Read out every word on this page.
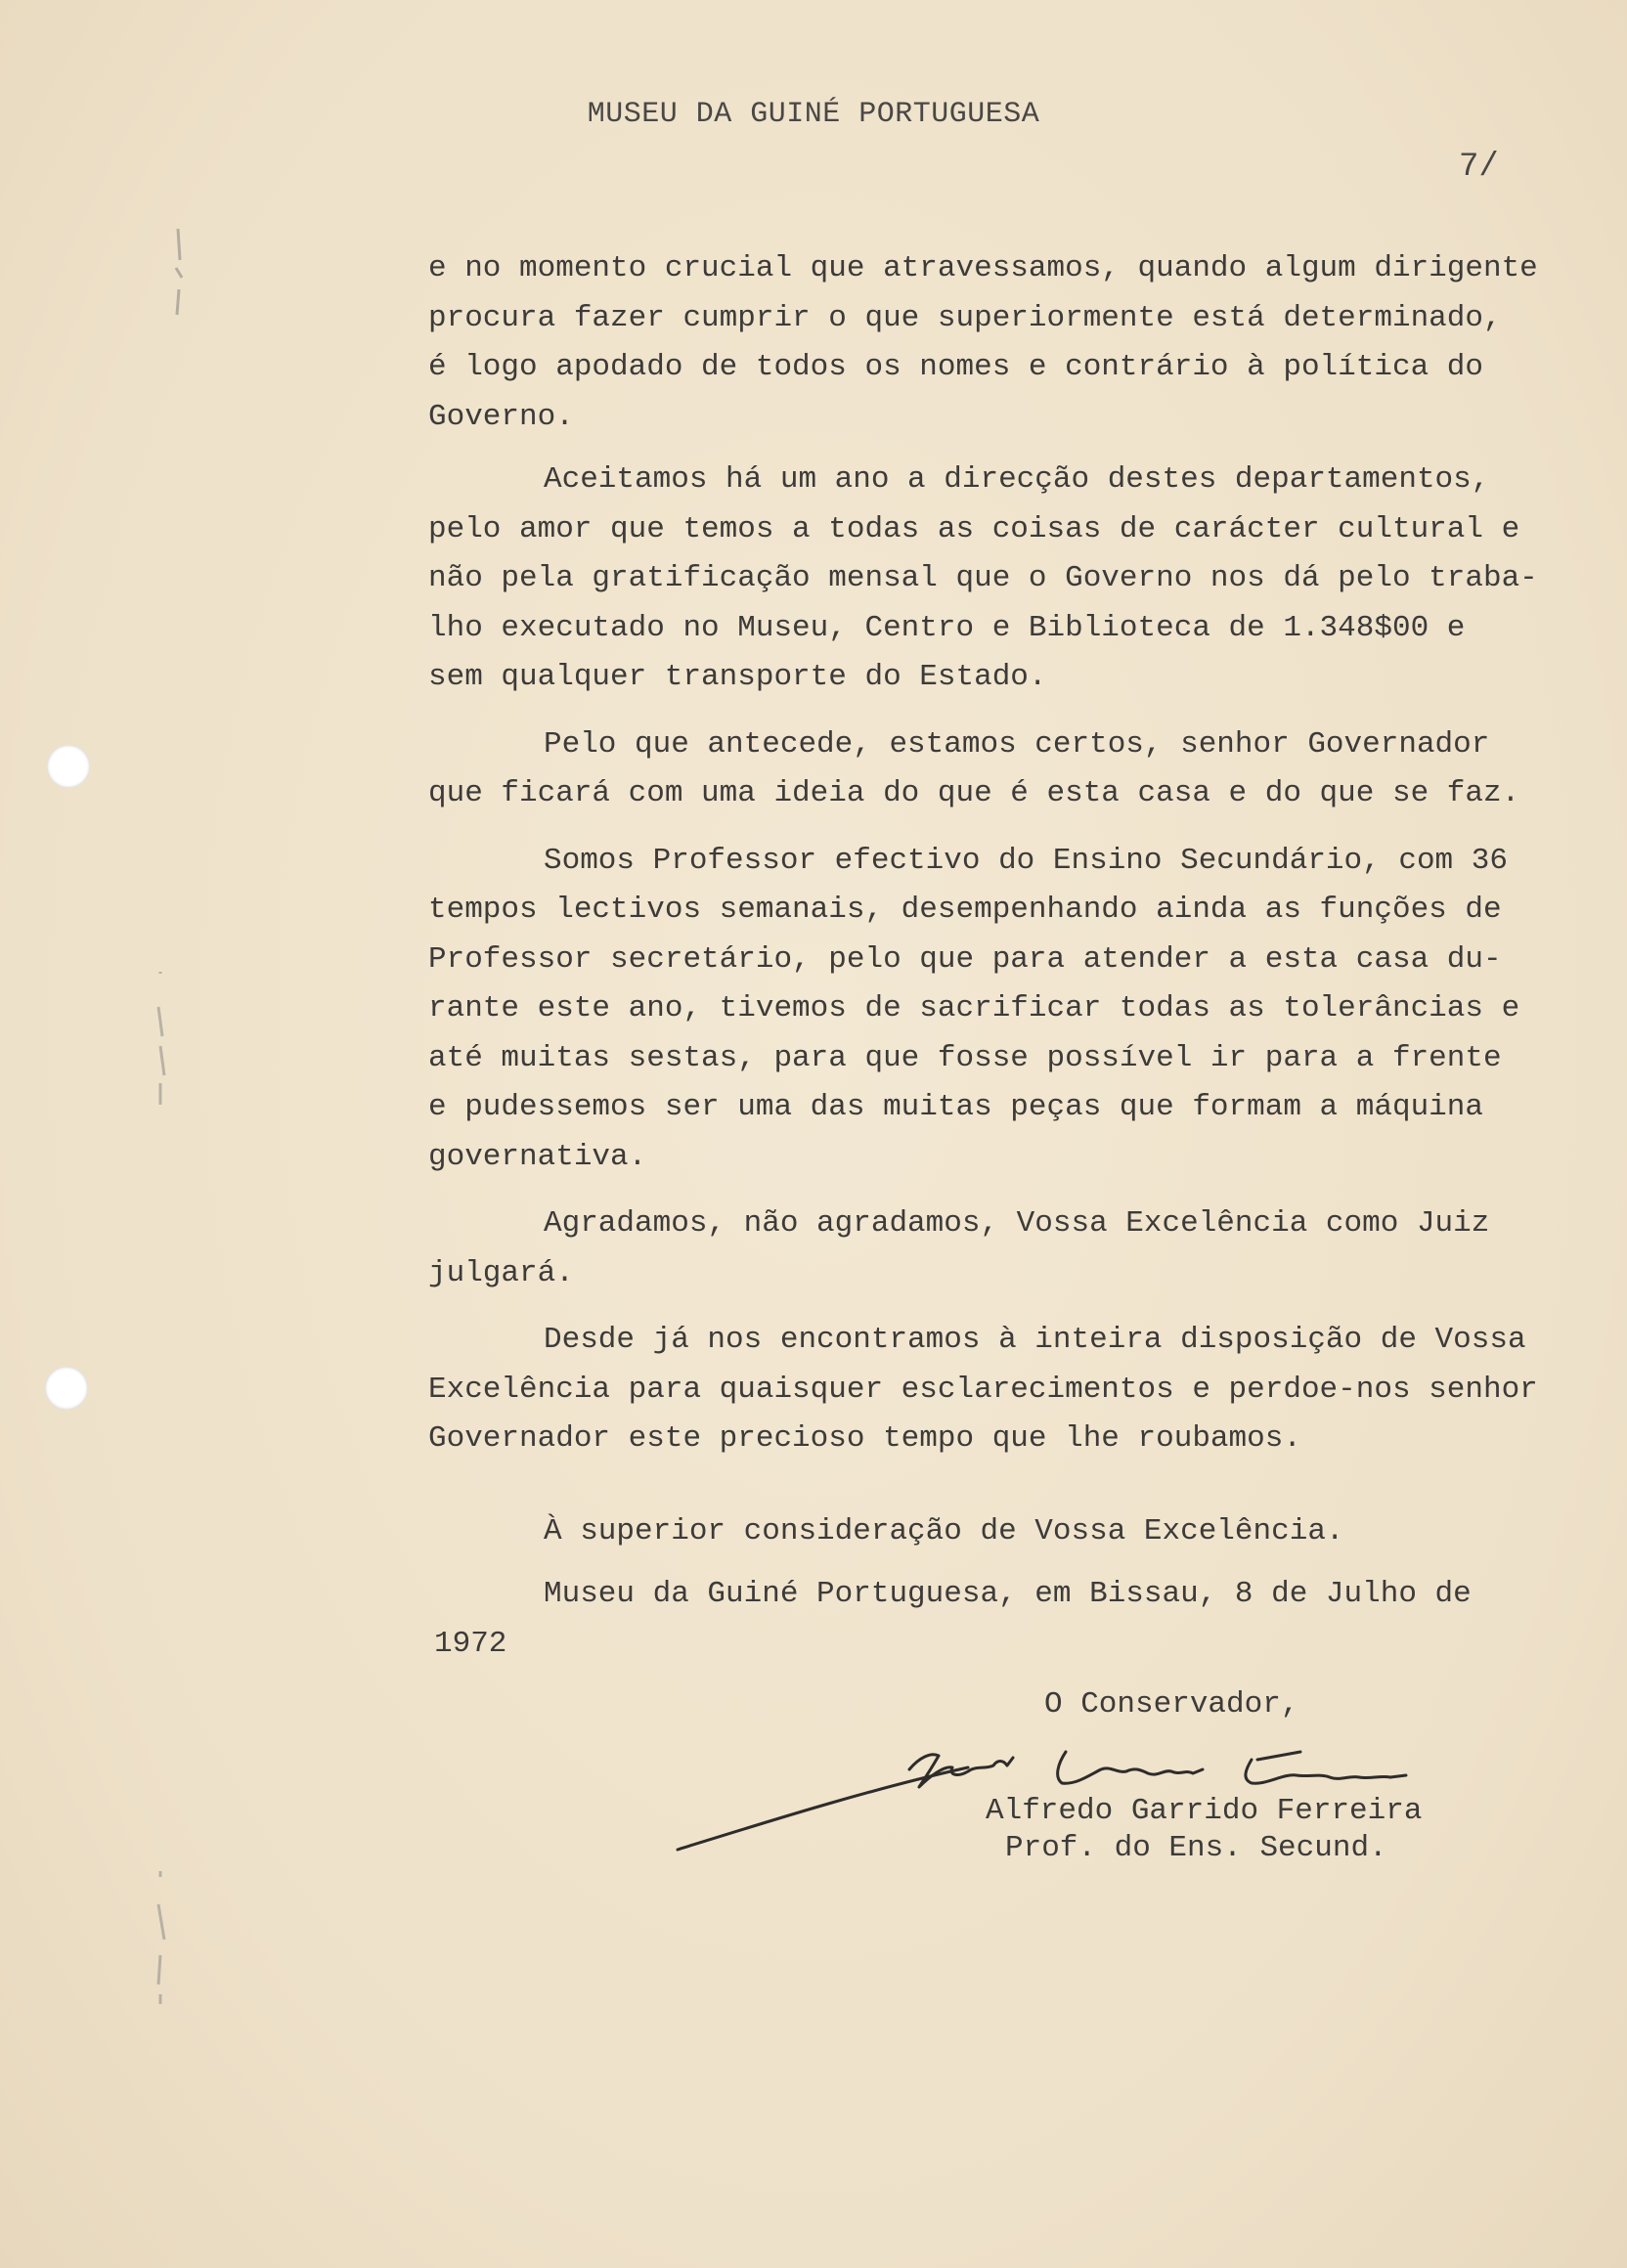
MUSEU DA GUINÉ PORTUGUESA
7/

e no momento crucial que atravessamos, quando algum dirigente
procura fazer cumprir o que superiormente está determinado,
é logo apodado de todos os nomes e contrário à política do
Governo.

Aceitamos há um ano a direcção destes departamentos,
pelo amor que temos a todas as coisas de carácter cultural e
não pela gratificação mensal que o Governo nos dá pelo traba-
lho executado no Museu, Centro e Biblioteca de 1.348$00 e
sem qualquer transporte do Estado.

Pelo que antecede, estamos certos, senhor Governador
que ficará com uma ideia do que é esta casa e do que se faz.

Somos Professor efectivo do Ensino Secundário, com 36
tempos lectivos semanais, desempenhando ainda as funções de
Professor secretário, pelo que para atender a esta casa du-
rante este ano, tivemos de sacrificar todas as tolerâncias e
até muitas sestas, para que fosse possível ir para a frente
e pudessemos ser uma das muitas peças que formam a máquina
governativa.

Agradamos, não agradamos, Vossa Excelência como Juiz
julgará.

Desde já nos encontramos à inteira disposição de Vossa
Excelência para quaisquer esclarecimentos e perdoe-nos senhor
Governador este precioso tempo que lhe roubamos.

À superior consideração de Vossa Excelência.

Museu da Guiné Portuguesa, em Bissau, 8 de Julho de
1972

O Conservador,
Alfredo Garrido Ferreira
Prof. do Ens. Secund.
